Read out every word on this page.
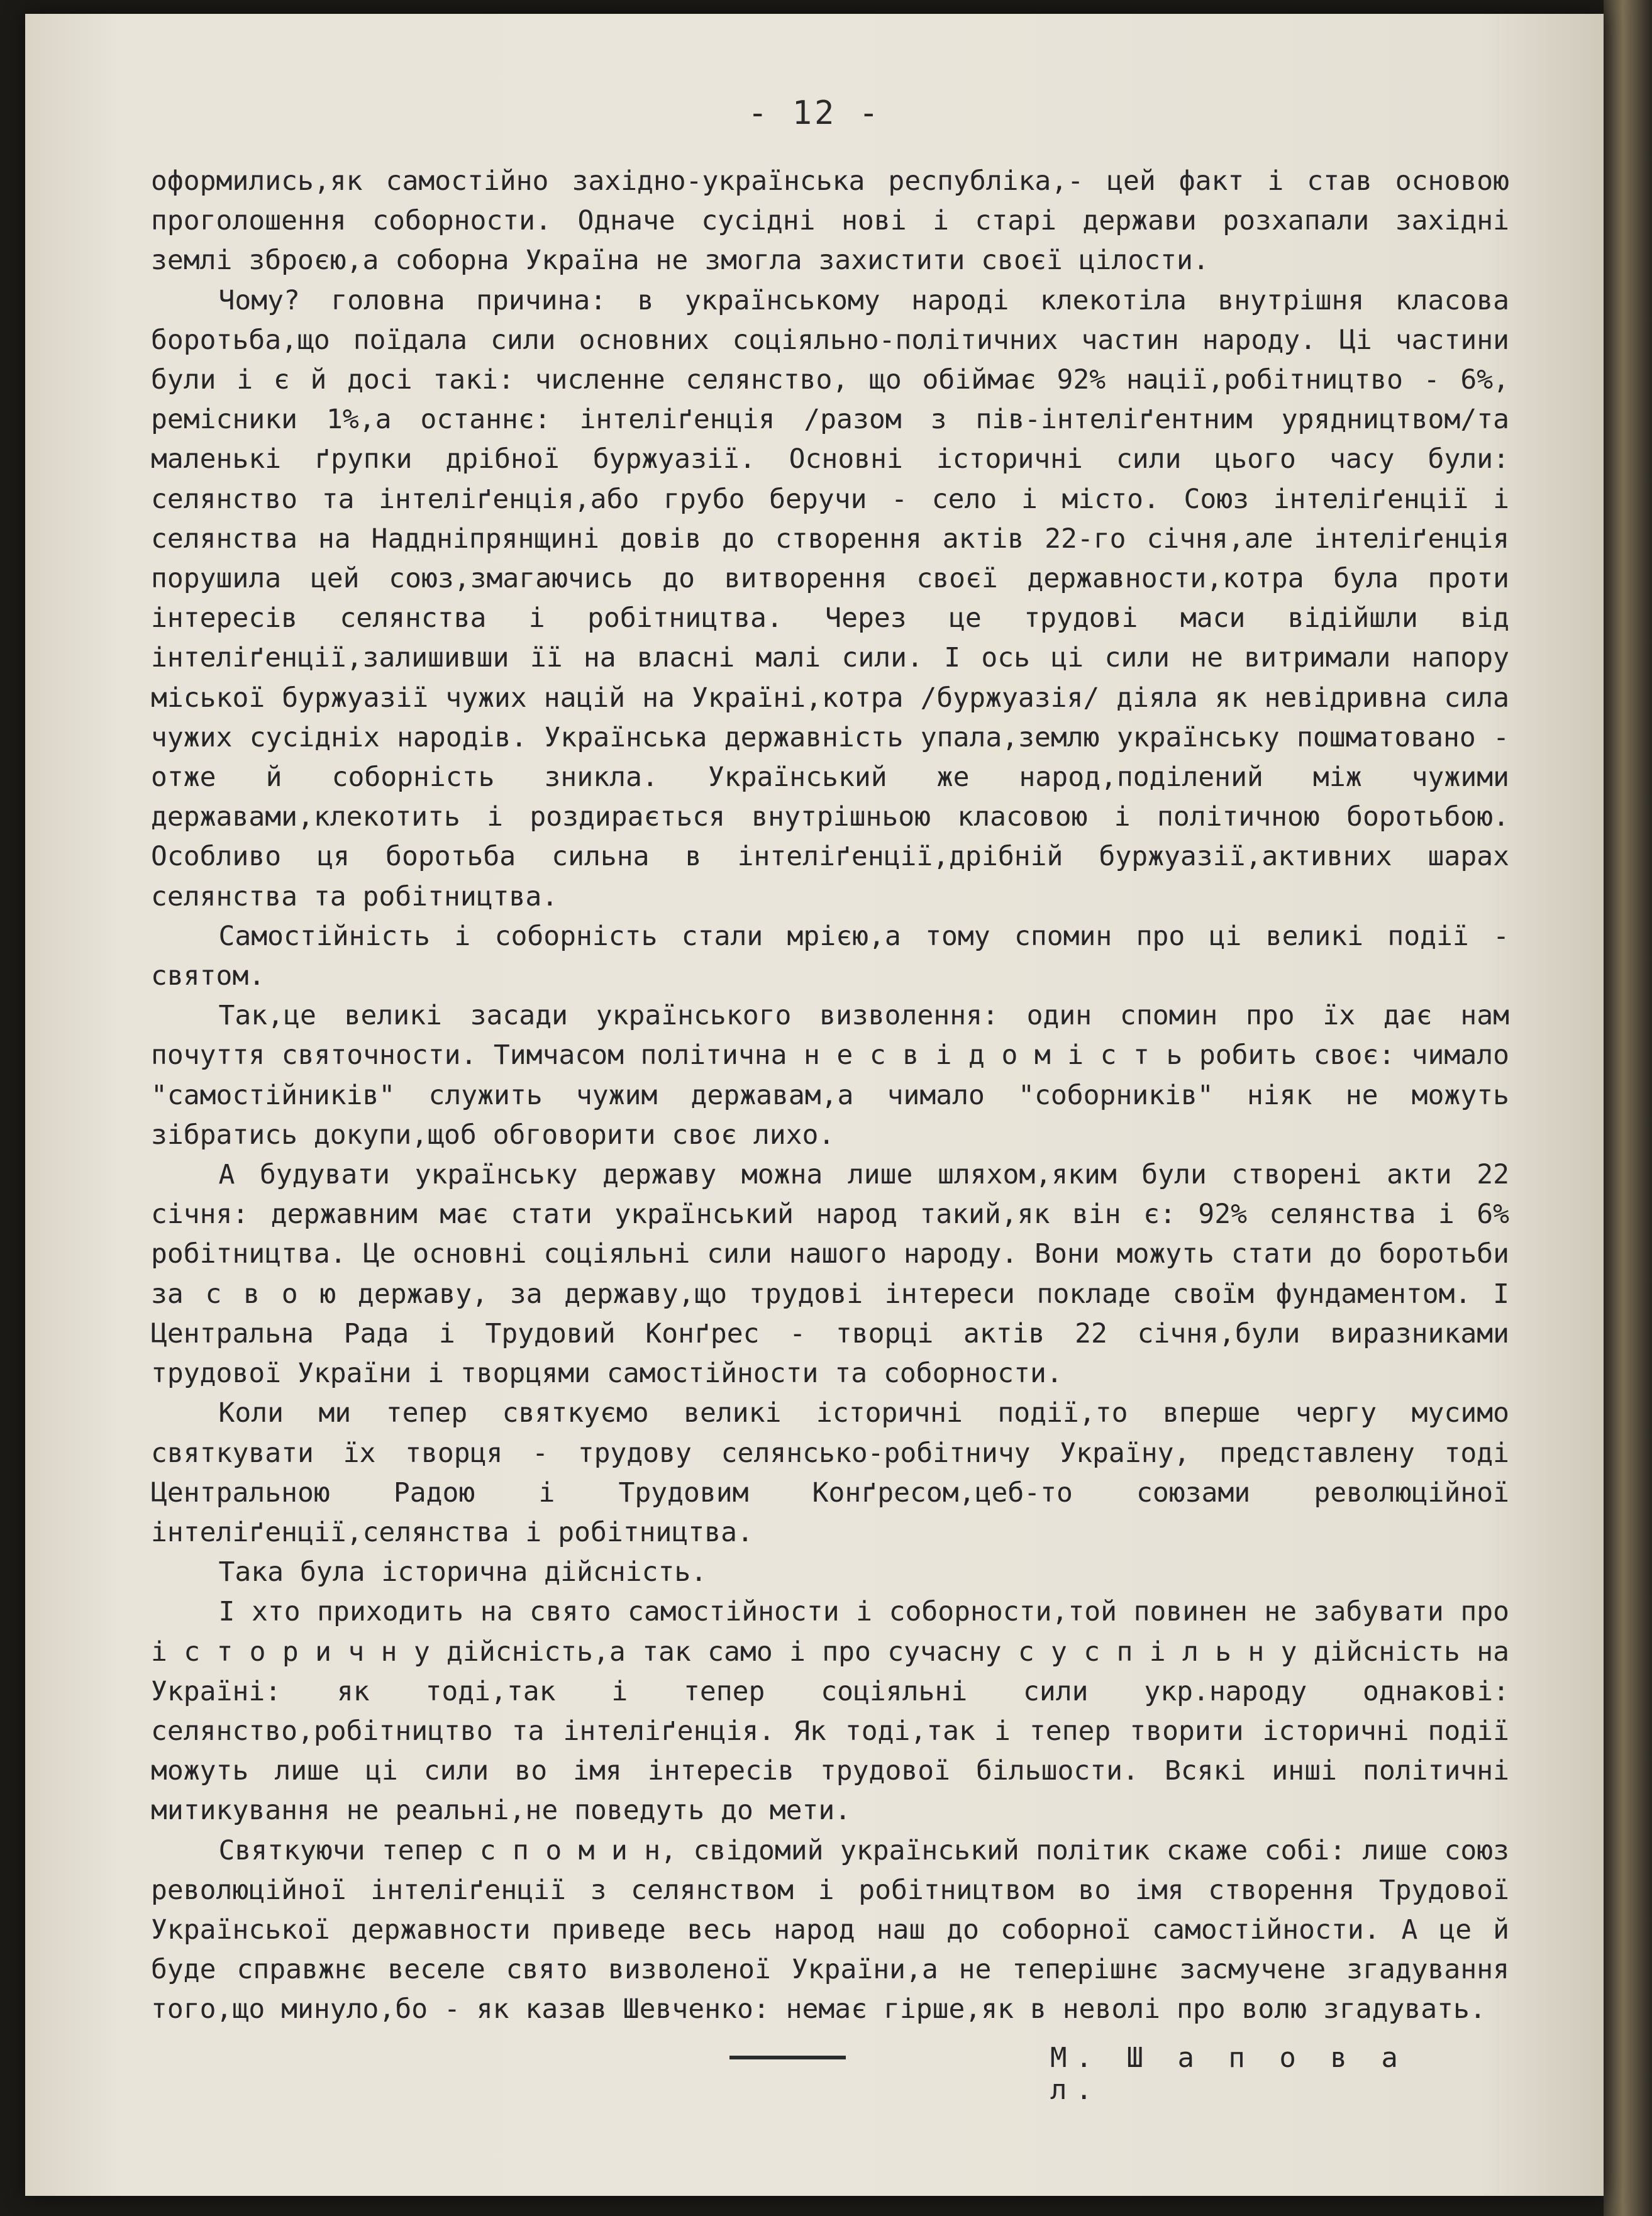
- 12 -

оформились,як самостійно західно-українська республіка,- цей факт і став основою проголошення соборности. Одначе сусідні нові і старі держави розхапали західні землі зброєю,а соборна Україна не змогла захистити своєї цілости.

Чому? головна причина: в українському народі клекотіла внутрішня класова боротьба,що поїдала сили основних соціяльно-політичних частин народу. Ці частини були і є й досі такі: численне селянство, що обіймає 92% нації,робітництво - 6%, ремісники 1%,а останнє: інтеліґенція /разом з пів-інтеліґентним урядництвом/та маленькі ґрупки дрібної буржуазії. Основні історичні сили цього часу були: селянство та інтеліґенція,або грубо беручи - село і місто. Союз інтеліґенції і селянства на Наддніпрянщині довів до створення актів 22-го січня,але інтеліґенція порушила цей союз,змагаючись до витворення своєї державности,котра була проти інтересів селянства і робітництва. Через це трудові маси відійшли від інтеліґенції,залишивши її на власні малі сили. І ось ці сили не витримали напору міської буржуазії чужих націй на Україні,котра /буржуазія/ діяла як невідривна сила чужих сусідніх народів. Українська державність упала,землю українську пошматовано - отже й соборність зникла. Український же народ,поділений між чужими державами,клекотить і роздирається внутрішньою класовою і політичною боротьбою. Особливо ця боротьба сильна в інтеліґенції,дрібній буржуазії,активних шарах селянства та робітництва.

Самостійність і соборність стали мрією,а тому спомин про ці великі події - святом.

Так,це великі засади українського визволення: один спомин про їх дає нам почуття святочности. Тимчасом політична н е с в і д о м і с т ь робить своє: чимало "самостійників" служить чужим державам,а чимало "соборників" ніяк не можуть зібратись докупи,щоб обговорити своє лихо.

А будувати українську державу можна лише шляхом,яким були створені акти 22 січня: державним має стати український народ такий,як він є: 92% селянства і 6% робітництва. Це основні соціяльні сили нашого народу. Вони можуть стати до боротьби за с в о ю державу, за державу,що трудові інтереси покладе своїм фундаментом. І Центральна Рада і Трудовий Конґрес - творці актів 22 січня,були виразниками трудової України і творцями самостійности та соборности.

Коли ми тепер святкуємо великі історичні події,то вперше чергу мусимо святкувати їх творця - трудову селянсько-робітничу Україну, представлену тоді Центральною Радою і Трудовим Конґресом,цеб-то союзами революційної інтеліґенції,селянства і робітництва.

Така була історична дійсність.

І хто приходить на свято самостійности і соборности,той повинен не забувати про і с т о р и ч н у дійсність,а так само і про сучасну с у с п і л ь н у дійсність на Україні: як тоді,так і тепер соціяльні сили укр.народу однакові: селянство,робітництво та інтеліґенція. Як тоді,так і тепер творити історичні події можуть лише ці сили во імя інтересів трудової більшости. Всякі инші політичні митикування не реальні,не поведуть до мети.

Святкуючи тепер с п о м и н, свідомий український політик скаже собі: лише союз революційної інтеліґенції з селянством і робітництвом во імя створення Трудової Української державности приведе весь народ наш до соборної самостійности. А це й буде справжнє веселе свято визволеної України,а не теперішнє засмучене згадування того,що минуло,бо - як казав Шевченко: немає гірше,як в неволі про волю згадувать.

М. Ш а п о в а л.
